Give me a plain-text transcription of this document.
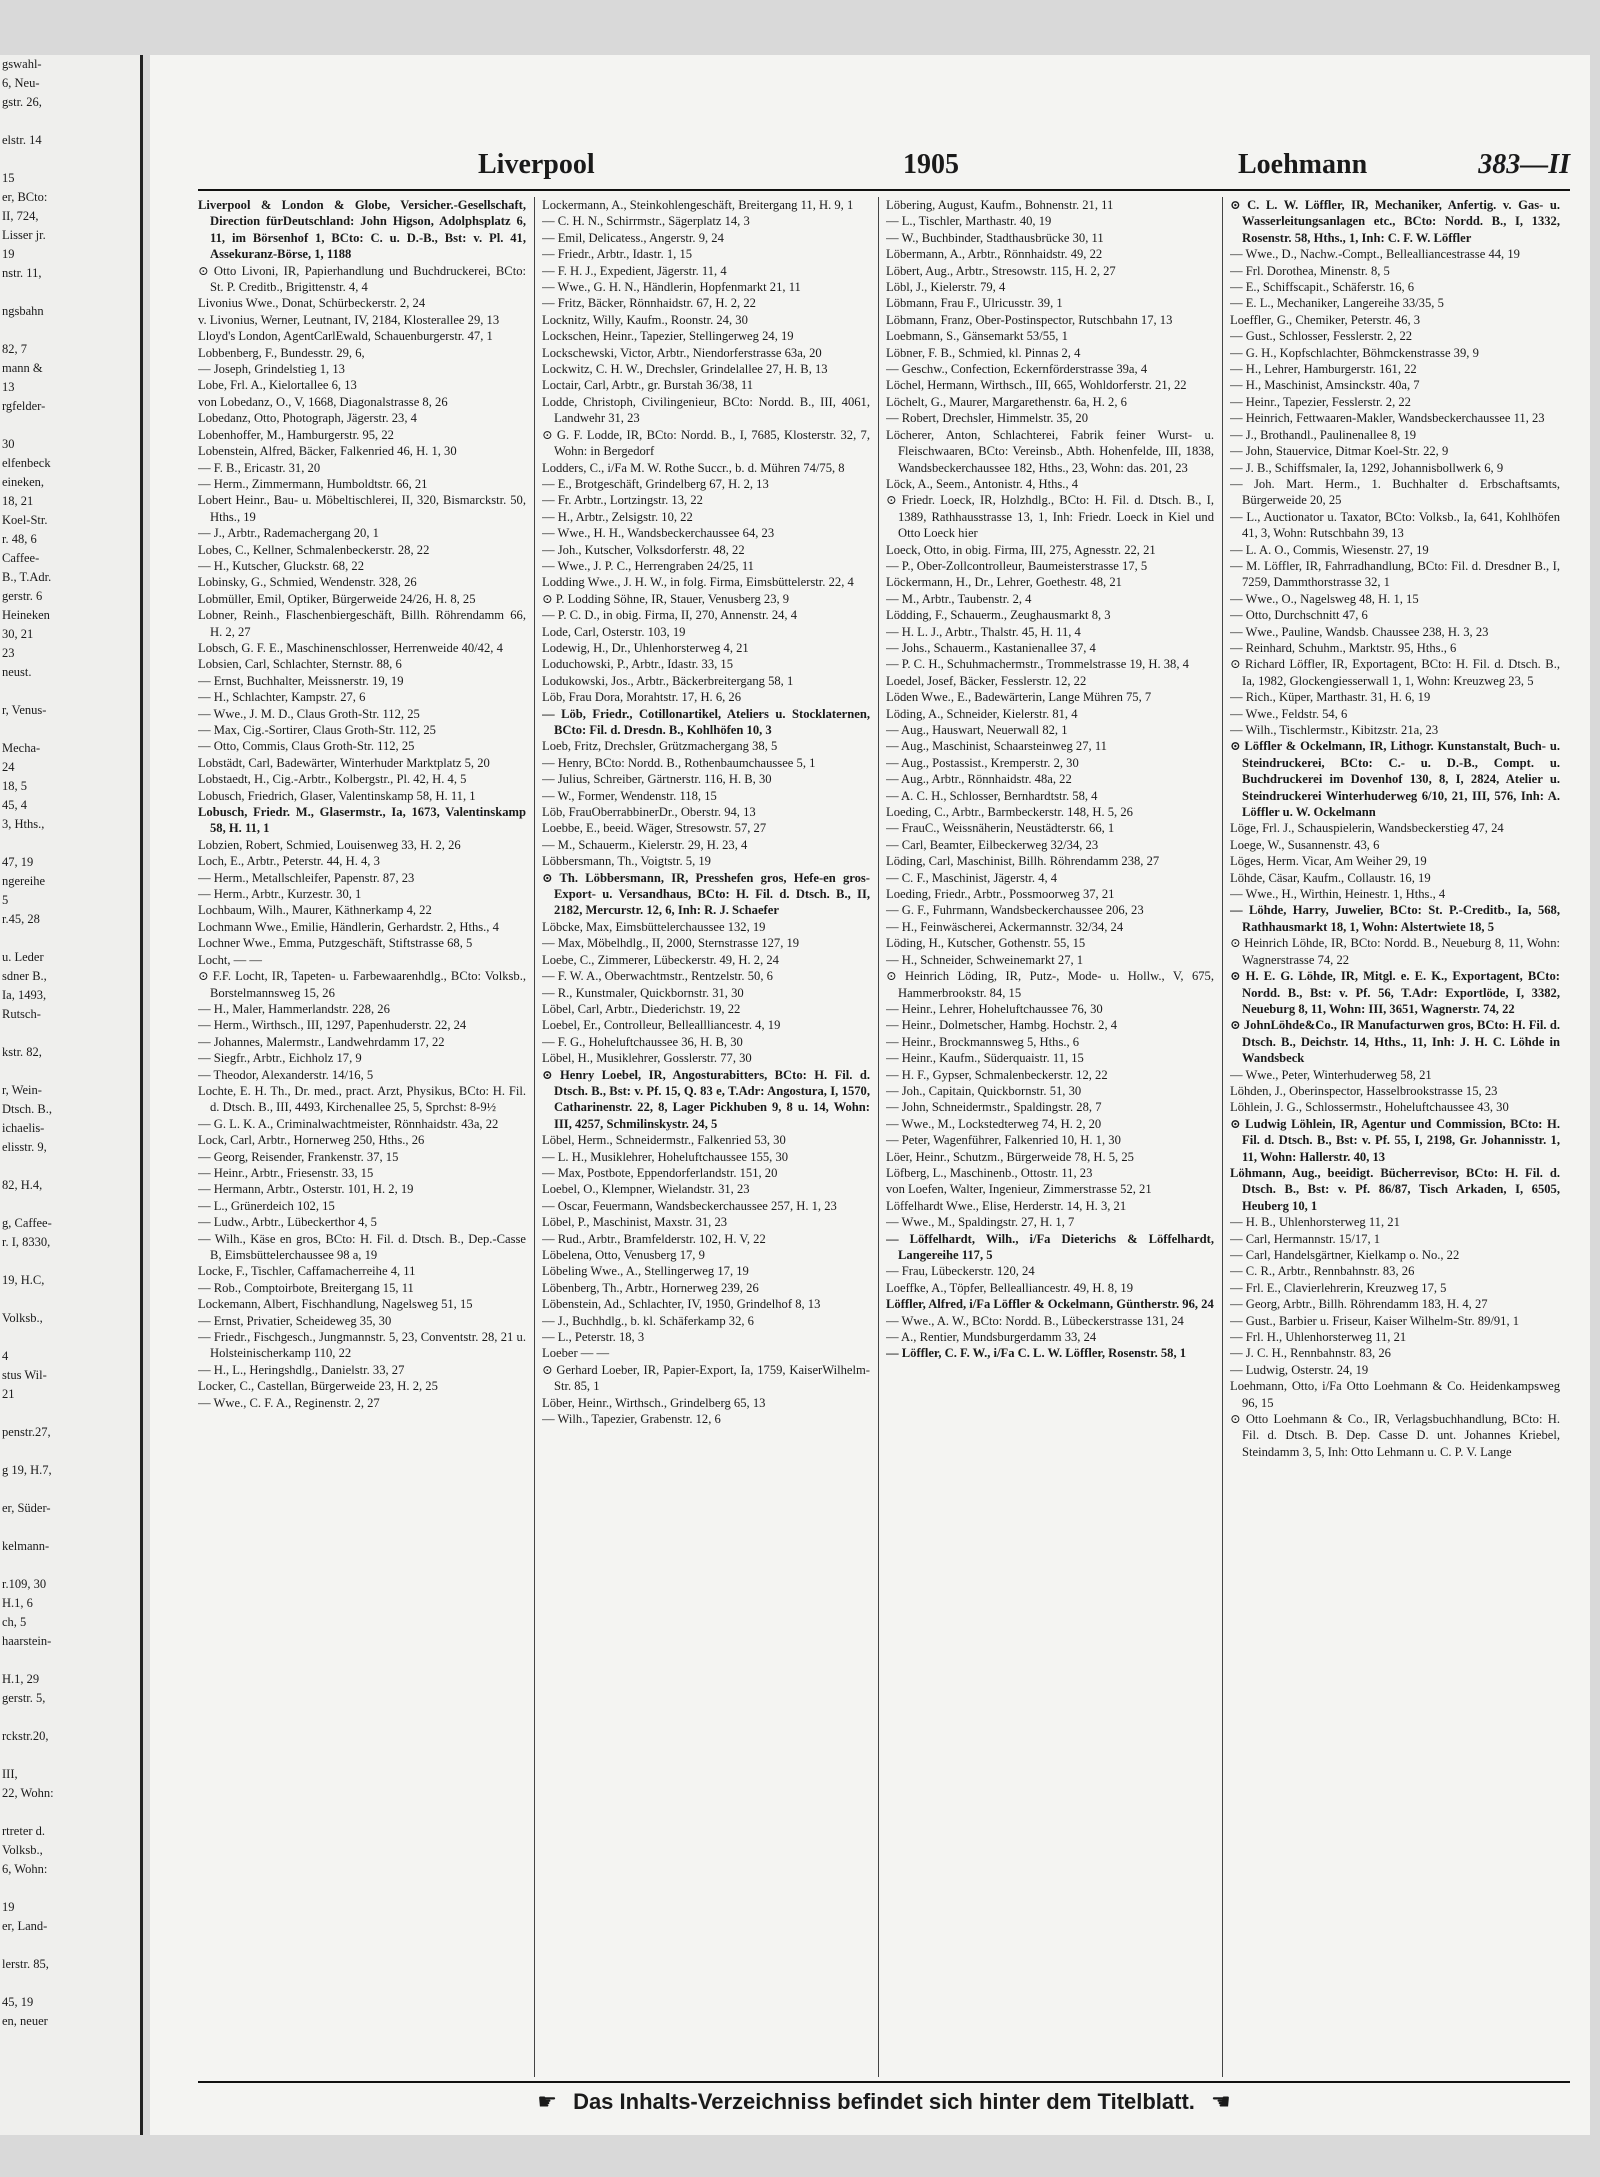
gswahl-
6, Neu-
gstr. 26,

elstr. 14

15
er, BCto:
II, 724,
Lisser jr.
19
nstr. 11,

ngsbahn

82, 7
mann &
13
rgfelder-

30
elfenbeck
eineken,
18, 21
Koel-Str.
r. 48, 6
Caffee-
B., T.Adr.
gerstr. 6
Heineken
30, 21
23
neust.

r, Venus-

Mecha-
24
18, 5
45, 4
3, Hths.,

47, 19
ngereihe
5
r.45, 28

u. Leder
sdner B.,
Ia, 1493,
Rutsch-

kstr. 82,

r, Wein-
Dtsch. B.,
ichaelis-
elisstr. 9,

82, H.4,

g, Caffee-
r. I, 8330,

19, H.C,

Volksb.,

4
stus Wil-
21

penstr.27,

g 19, H.7,

er, Süder-

kelmann-

r.109, 30
H.1, 6
ch, 5
haarstein-

H.1, 29
gerstr. 5,

rckstr.20,

III,
22, Wohn:

rtreter d.
Volksb.,
6, Wohn:

19
er, Land-

lerstr. 85,

45, 19
en, neuer
Liverpool	1905	Loehmann	383—II

Liverpool & London & Globe, Versicher.-Gesellschaft, Direction fürDeutschland: John Higson, Adolphsplatz 6, 11, im Börsenhof 1, BCto: C. u. D.-B., Bst: v. Pl. 41, Assekuranz-Börse, 1, 1188

⊙ Otto Livoni, IR, Papierhandlung und Buchdruckerei, BCto: St. P. Creditb., Brigittenstr. 4, 4

Livonius Wwe., Donat, Schürbeckerstr. 2, 24

v. Livonius, Werner, Leutnant, IV, 2184, Klosterallee 29, 13

Lloyd's London, AgentCarlEwald, Schauenburgerstr. 47, 1

Lobbenberg, F., Bundesstr. 29, 6,

— Joseph, Grindelstieg 1, 13

Lobe, Frl. A., Kielortallee 6, 13

von Lobedanz, O., V, 1668, Diagonalstrasse 8, 26

Lobedanz, Otto, Photograph, Jägerstr. 23, 4

Lobenhoffer, M., Hamburgerstr. 95, 22

Lobenstein, Alfred, Bäcker, Falkenried 46, H. 1, 30

— F. B., Ericastr. 31, 20

— Herm., Zimmermann, Humboldtstr. 66, 21

Lobert Heinr., Bau- u. Möbeltischlerei, II, 320, Bismarckstr. 50, Hths., 19

— J., Arbtr., Rademachergang 20, 1

Lobes, C., Kellner, Schmalenbeckerstr. 28, 22

— H., Kutscher, Gluckstr. 68, 22

Lobinsky, G., Schmied, Wendenstr. 328, 26

Lobmüller, Emil, Optiker, Bürgerweide 24/26, H. 8, 25

Lobner, Reinh., Flaschenbiergeschäft, Billh. Röhrendamm 66, H. 2, 27

Lobsch, G. F. E., Maschinenschlosser, Herrenweide 40/42, 4

Lobsien, Carl, Schlachter, Sternstr. 88, 6

— Ernst, Buchhalter, Meissnerstr. 19, 19

— H., Schlachter, Kampstr. 27, 6

— Wwe., J. M. D., Claus Groth-Str. 112, 25

— Max, Cig.-Sortirer, Claus Groth-Str. 112, 25

— Otto, Commis, Claus Groth-Str. 112, 25

Lobstädt, Carl, Badewärter, Winterhuder Marktplatz 5, 20

Lobstaedt, H., Cig.-Arbtr., Kolbergstr., Pl. 42, H. 4, 5

Lobusch, Friedrich, Glaser, Valentinskamp 58, H. 11, 1

Lobusch, Friedr. M., Glasermstr., Ia, 1673, Valentinskamp 58, H. 11, 1

Lobzien, Robert, Schmied, Louisenweg 33, H. 2, 26

Loch, E., Arbtr., Peterstr. 44, H. 4, 3

— Herm., Metallschleifer, Papenstr. 87, 23

— Herm., Arbtr., Kurzestr. 30, 1

Lochbaum, Wilh., Maurer, Käthnerkamp 4, 22

Lochmann Wwe., Emilie, Händlerin, Gerhardstr. 2, Hths., 4

Lochner Wwe., Emma, Putzgeschäft, Stiftstrasse 68, 5

Locht, — —

⊙ F.F. Locht, IR, Tapeten- u. Farbewaarenhdlg., BCto: Volksb., Borstelmannsweg 15, 26

— H., Maler, Hammerlandstr. 228, 26

— Herm., Wirthsch., III, 1297, Papenhuderstr. 22, 24

— Johannes, Malermstr., Landwehrdamm 17, 22

— Siegfr., Arbtr., Eichholz 17, 9

— Theodor, Alexanderstr. 14/16, 5

Lochte, E. H. Th., Dr. med., pract. Arzt, Physikus, BCto: H. Fil. d. Dtsch. B., III, 4493, Kirchenallee 25, 5, Sprchst: 8-9½

— G. L. K. A., Criminalwachtmeister, Rönnhaidstr. 43a, 22

Lock, Carl, Arbtr., Hornerweg 250, Hths., 26

— Georg, Reisender, Frankenstr. 37, 15

— Heinr., Arbtr., Friesenstr. 33, 15

— Hermann, Arbtr., Osterstr. 101, H. 2, 19

— L., Grünerdeich 102, 15

— Ludw., Arbtr., Lübeckerthor 4, 5

— Wilh., Käse en gros, BCto: H. Fil. d. Dtsch. B., Dep.-Casse B, Eimsbüttelerchaussee 98 a, 19

Locke, F., Tischler, Caffamacherreihe 4, 11

— Rob., Comptoirbote, Breitergang 15, 11

Lockemann, Albert, Fischhandlung, Nagelsweg 51, 15

— Ernst, Privatier, Scheideweg 35, 30

— Friedr., Fischgesch., Jungmannstr. 5, 23, Conventstr. 28, 21 u. Holsteinischerkamp 110, 22

— H., L., Heringshdlg., Danielstr. 33, 27

Locker, C., Castellan, Bürgerweide 23, H. 2, 25

— Wwe., C. F. A., Reginenstr. 2, 27

Lockermann, A., Steinkohlengeschäft, Breitergang 11, H. 9, 1

— C. H. N., Schirrmstr., Sägerplatz 14, 3

— Emil, Delicatess., Angerstr. 9, 24

— Friedr., Arbtr., Idastr. 1, 15

— F. H. J., Expedient, Jägerstr. 11, 4

— Wwe., G. H. N., Händlerin, Hopfenmarkt 21, 11

— Fritz, Bäcker, Rönnhaidstr. 67, H. 2, 22

Locknitz, Willy, Kaufm., Roonstr. 24, 30

Lockschen, Heinr., Tapezier, Stellingerweg 24, 19

Lockschewski, Victor, Arbtr., Niendorferstrasse 63a, 20

Lockwitz, C. H. W., Drechsler, Grindelallee 27, H. B, 13

Loctair, Carl, Arbtr., gr. Burstah 36/38, 11

Lodde, Christoph, Civilingenieur, BCto: Nordd. B., III, 4061, Landwehr 31, 23

⊙ G. F. Lodde, IR, BCto: Nordd. B., I, 7685, Klosterstr. 32, 7, Wohn: in Bergedorf

Lodders, C., i/Fa M. W. Rothe Succr., b. d. Mühren 74/75, 8

— E., Brotgeschäft, Grindelberg 67, H. 2, 13

— Fr. Arbtr., Lortzingstr. 13, 22

— H., Arbtr., Zelsigstr. 10, 22

— Wwe., H. H., Wandsbeckerchaussee 64, 23

— Joh., Kutscher, Volksdorferstr. 48, 22

— Wwe., J. P. C., Herrengraben 24/25, 11

Lodding Wwe., J. H. W., in folg. Firma, Eimsbüttelerstr. 22, 4

⊙ P. Lodding Söhne, IR, Stauer, Venusberg 23, 9

— P. C. D., in obig. Firma, II, 270, Annenstr. 24, 4

Lode, Carl, Osterstr. 103, 19

Lodewig, H., Dr., Uhlenhorsterweg 4, 21

Loduchowski, P., Arbtr., Idastr. 33, 15

Lodukowski, Jos., Arbtr., Bäckerbreitergang 58, 1

Löb, Frau Dora, Morahtstr. 17, H. 6, 26

— Löb, Friedr., Cotillonartikel, Ateliers u. Stocklaternen, BCto: Fil. d. Dresdn. B., Kohlhöfen 10, 3

Loeb, Fritz, Drechsler, Grützmachergang 38, 5

— Henry, BCto: Nordd. B., Rothenbaumchaussee 5, 1

— Julius, Schreiber, Gärtnerstr. 116, H. B, 30

— W., Former, Wendenstr. 118, 15

Löb, FrauOberrabbinerDr., Oberstr. 94, 13

Loebbe, E., beeid. Wäger, Stresowstr. 57, 27

— M., Schauerm., Kielerstr. 29, H. 23, 4

Löbbersmann, Th., Voigtstr. 5, 19

⊙ Th. Löbbersmann, IR, Presshefen gros, Hefe-en gros-Export- u. Versandhaus, BCto: H. Fil. d. Dtsch. B., II, 2182, Mercurstr. 12, 6, Inh: R. J. Schaefer

Löbcke, Max, Eimsbüttelerchaussee 132, 19

— Max, Möbelhdlg., II, 2000, Sternstrasse 127, 19

Loebe, C., Zimmerer, Lübeckerstr. 49, H. 2, 24

— F. W. A., Oberwachtmstr., Rentzelstr. 50, 6

— R., Kunstmaler, Quickbornstr. 31, 30

Löbel, Carl, Arbtr., Diederichstr. 19, 22

Loebel, Er., Controlleur, Belleallliancestr. 4, 19

— F. G., Hoheluftchaussee 36, H. B, 30

Löbel, H., Musiklehrer, Gosslerstr. 77, 30

⊙ Henry Loebel, IR, Angosturabitters, BCto: H. Fil. d. Dtsch. B., Bst: v. Pf. 15, Q. 83 e, T.Adr: Angostura, I, 1570, Catharinenstr. 22, 8, Lager Pickhuben 9, 8 u. 14, Wohn: III, 4257, Schmilinskystr. 24, 5

Löbel, Herm., Schneidermstr., Falkenried 53, 30

— L. H., Musiklehrer, Hoheluftchaussee 155, 30

— Max, Postbote, Eppendorferlandstr. 151, 20

Loebel, O., Klempner, Wielandstr. 31, 23

— Oscar, Feuermann, Wandsbeckerchaussee 257, H. 1, 23

Löbel, P., Maschinist, Maxstr. 31, 23

— Rud., Arbtr., Bramfelderstr. 102, H. V, 22

Löbelena, Otto, Venusberg 17, 9

Löbeling Wwe., A., Stellingerweg 17, 19

Löbenberg, Th., Arbtr., Hornerweg 239, 26

Löbenstein, Ad., Schlachter, IV, 1950, Grindelhof 8, 13

— J., Buchhdlg., b. kl. Schäferkamp 32, 6

— L., Peterstr. 18, 3

Loeber — —

⊙ Gerhard Loeber, IR, Papier-Export, Ia, 1759, KaiserWilhelm-Str. 85, 1

Löber, Heinr., Wirthsch., Grindelberg 65, 13

— Wilh., Tapezier, Grabenstr. 12, 6

Löbering, August, Kaufm., Bohnenstr. 21, 11

— L., Tischler, Marthastr. 40, 19

— W., Buchbinder, Stadthausbrücke 30, 11

Löbermann, A., Arbtr., Rönnhaidstr. 49, 22

Löbert, Aug., Arbtr., Stresowstr. 115, H. 2, 27

Löbl, J., Kielerstr. 79, 4

Löbmann, Frau F., Ulricusstr. 39, 1

Löbmann, Franz, Ober-Postinspector, Rutschbahn 17, 13

Loebmann, S., Gänsemarkt 53/55, 1

Löbner, F. B., Schmied, kl. Pinnas 2, 4

— Geschw., Confection, Eckernförderstrasse 39a, 4

Löchel, Hermann, Wirthsch., III, 665, Wohldorferstr. 21, 22

Löchelt, G., Maurer, Margarethenstr. 6a, H. 2, 6

— Robert, Drechsler, Himmelstr. 35, 20

Löcherer, Anton, Schlachterei, Fabrik feiner Wurst- u. Fleischwaaren, BCto: Vereinsb., Abth. Hohenfelde, III, 1838, Wandsbeckerchaussee 182, Hths., 23, Wohn: das. 201, 23

Löck, A., Seem., Antonistr. 4, Hths., 4

⊙ Friedr. Loeck, IR, Holzhdlg., BCto: H. Fil. d. Dtsch. B., I, 1389, Rathhausstrasse 13, 1, Inh: Friedr. Loeck in Kiel und Otto Loeck hier

Loeck, Otto, in obig. Firma, III, 275, Agnesstr. 22, 21

— P., Ober-Zollcontrolleur, Baumeisterstrasse 17, 5

Löckermann, H., Dr., Lehrer, Goethestr. 48, 21

— M., Arbtr., Taubenstr. 2, 4

Lödding, F., Schauerm., Zeughausmarkt 8, 3

— H. L. J., Arbtr., Thalstr. 45, H. 11, 4

— Johs., Schauerm., Kastanienallee 37, 4

— P. C. H., Schuhmachermstr., Trommelstrasse 19, H. 38, 4

Loedel, Josef, Bäcker, Fesslerstr. 12, 22

Löden Wwe., E., Badewärterin, Lange Mühren 75, 7

Löding, A., Schneider, Kielerstr. 81, 4

— Aug., Hauswart, Neuerwall 82, 1

— Aug., Maschinist, Schaarsteinweg 27, 11

— Aug., Postassist., Kremperstr. 2, 30

— Aug., Arbtr., Rönnhaidstr. 48a, 22

— A. C. H., Schlosser, Bernhardtstr. 58, 4

Loeding, C., Arbtr., Barmbeckerstr. 148, H. 5, 26

— FrauC., Weissnäherin, Neustädterstr. 66, 1

— Carl, Beamter, Eilbeckerweg 32/34, 23

Löding, Carl, Maschinist, Billh. Röhrendamm 238, 27

— C. F., Maschinist, Jägerstr. 4, 4

Loeding, Friedr., Arbtr., Possmoorweg 37, 21

— G. F., Fuhrmann, Wandsbeckerchaussee 206, 23

— H., Feinwäscherei, Ackermannstr. 32/34, 24

Löding, H., Kutscher, Gothenstr. 55, 15

— H., Schneider, Schweinemarkt 27, 1

⊙ Heinrich Löding, IR, Putz-, Mode- u. Hollw., V, 675, Hammerbrookstr. 84, 15

— Heinr., Lehrer, Hoheluftchaussee 76, 30

— Heinr., Dolmetscher, Hambg. Hochstr. 2, 4

— Heinr., Brockmannsweg 5, Hths., 6

— Heinr., Kaufm., Süderquaistr. 11, 15

— H. F., Gypser, Schmalenbeckerstr. 12, 22

— Joh., Capitain, Quickbornstr. 51, 30

— John, Schneidermstr., Spaldingstr. 28, 7

— Wwe., M., Lockstedterweg 74, H. 2, 20

— Peter, Wagenführer, Falkenried 10, H. 1, 30

Löer, Heinr., Schutzm., Bürgerweide 78, H. 5, 25

Löfberg, L., Maschinenb., Ottostr. 11, 23

von Loefen, Walter, Ingenieur, Zimmerstrasse 52, 21

Löffelhardt Wwe., Elise, Herderstr. 14, H. 3, 21

— Wwe., M., Spaldingstr. 27, H. 1, 7

— Löffelhardt, Wilh., i/Fa Dieterichs & Löffelhardt, Langereihe 117, 5

— Frau, Lübeckerstr. 120, 24

Loeffke, A., Töpfer, Bellealliancestr. 49, H. 8, 19

Löffler, Alfred, i/Fa Löffler & Ockelmann, Güntherstr. 96, 24

— Wwe., A. W., BCto: Nordd. B., Lübeckerstrasse 131, 24

— A., Rentier, Mundsburgerdamm 33, 24

— Löffler, C. F. W., i/Fa C. L. W. Löffler, Rosenstr. 58, 1

⊙ C. L. W. Löffler, IR, Mechaniker, Anfertig. v. Gas- u. Wasserleitungsanlagen etc., BCto: Nordd. B., I, 1332, Rosenstr. 58, Hths., 1, Inh: C. F. W. Löffler

— Wwe., D., Nachw.-Compt., Bellealliancestrasse 44, 19

— Frl. Dorothea, Minenstr. 8, 5

— E., Schiffscapit., Schäferstr. 16, 6

— E. L., Mechaniker, Langereihe 33/35, 5

Loeffler, G., Chemiker, Peterstr. 46, 3

— Gust., Schlosser, Fesslerstr. 2, 22

— G. H., Kopfschlachter, Böhmckenstrasse 39, 9

— H., Lehrer, Hamburgerstr. 161, 22

— H., Maschinist, Amsinckstr. 40a, 7

— Heinr., Tapezier, Fesslerstr. 2, 22

— Heinrich, Fettwaaren-Makler, Wandsbeckerchaussee 11, 23

— J., Brothandl., Paulinenallee 8, 19

— John, Stauervice, Ditmar Koel-Str. 22, 9

— J. B., Schiffsmaler, Ia, 1292, Johannisbollwerk 6, 9

— Joh. Mart. Herm., 1. Buchhalter d. Erbschaftsamts, Bürgerweide 20, 25

— L., Auctionator u. Taxator, BCto: Volksb., Ia, 641, Kohlhöfen 41, 3, Wohn: Rutschbahn 39, 13

— L. A. O., Commis, Wiesenstr. 27, 19

— M. Löffler, IR, Fahrradhandlung, BCto: Fil. d. Dresdner B., I, 7259, Dammthorstrasse 32, 1

— Wwe., O., Nagelsweg 48, H. 1, 15

— Otto, Durchschnitt 47, 6

— Wwe., Pauline, Wandsb. Chaussee 238, H. 3, 23

— Reinhard, Schuhm., Marktstr. 95, Hths., 6

⊙ Richard Löffler, IR, Exportagent, BCto: H. Fil. d. Dtsch. B., Ia, 1982, Glockengiesserwall 1, 1, Wohn: Kreuzweg 23, 5

— Rich., Küper, Marthastr. 31, H. 6, 19

— Wwe., Feldstr. 54, 6

— Wilh., Tischlermstr., Kibitzstr. 21a, 23

⊙ Löffler & Ockelmann, IR, Lithogr. Kunstanstalt, Buch- u. Steindruckerei, BCto: C.- u. D.-B., Compt. u. Buchdruckerei im Dovenhof 130, 8, I, 2824, Atelier u. Steindruckerei Winterhuderweg 6/10, 21, III, 576, Inh: A. Löffler u. W. Ockelmann

Löge, Frl. J., Schauspielerin, Wandsbeckerstieg 47, 24

Loege, W., Susannenstr. 43, 6

Löges, Herm. Vicar, Am Weiher 29, 19

Löhde, Cäsar, Kaufm., Collaustr. 16, 19

— Wwe., H., Wirthin, Heinestr. 1, Hths., 4

— Löhde, Harry, Juwelier, BCto: St. P.-Creditb., Ia, 568, Rathhausmarkt 18, 1, Wohn: Alstertwiete 18, 5

⊙ Heinrich Löhde, IR, BCto: Nordd. B., Neueburg 8, 11, Wohn: Wagnerstrasse 74, 22

⊙ H. E. G. Löhde, IR, Mitgl. e. E. K., Exportagent, BCto: Nordd. B., Bst: v. Pf. 56, T.Adr: Exportlöde, I, 3382, Neueburg 8, 11, Wohn: III, 3651, Wagnerstr. 74, 22

⊙ JohnLöhde&Co., IR Manufacturwen gros, BCto: H. Fil. d. Dtsch. B., Deichstr. 14, Hths., 11, Inh: J. H. C. Löhde in Wandsbeck

— Wwe., Peter, Winterhuderweg 58, 21

Löhden, J., Oberinspector, Hasselbrookstrasse 15, 23

Löhlein, J. G., Schlossermstr., Hoheluftchaussee 43, 30

⊙ Ludwig Löhlein, IR, Agentur und Commission, BCto: H. Fil. d. Dtsch. B., Bst: v. Pf. 55, I, 2198, Gr. Johannisstr. 1, 11, Wohn: Hallerstr. 40, 13

Löhmann, Aug., beeidigt. Bücherrevisor, BCto: H. Fil. d. Dtsch. B., Bst: v. Pf. 86/87, Tisch Arkaden, I, 6505, Heuberg 10, 1

— H. B., Uhlenhorsterweg 11, 21

— Carl, Hermannstr. 15/17, 1

— Carl, Handelsgärtner, Kielkamp o. No., 22

— C. R., Arbtr., Rennbahnstr. 83, 26

— Frl. E., Clavierlehrerin, Kreuzweg 17, 5

— Georg, Arbtr., Billh. Röhrendamm 183, H. 4, 27

— Gust., Barbier u. Friseur, Kaiser Wilhelm-Str. 89/91, 1

— Frl. H., Uhlenhorsterweg 11, 21

— J. C. H., Rennbahnstr. 83, 26

— Ludwig, Osterstr. 24, 19

Loehmann, Otto, i/Fa Otto Loehmann & Co. Heidenkampsweg 96, 15

⊙ Otto Loehmann & Co., IR, Verlagsbuchhandlung, BCto: H. Fil. d. Dtsch. B. Dep. Casse D. unt. Johannes Kriebel, Steindamm 3, 5, Inh: Otto Lehmann u. C. P. V. Lange

☛ Das Inhalts-Verzeichniss befindet sich hinter dem Titelblatt. ☚
